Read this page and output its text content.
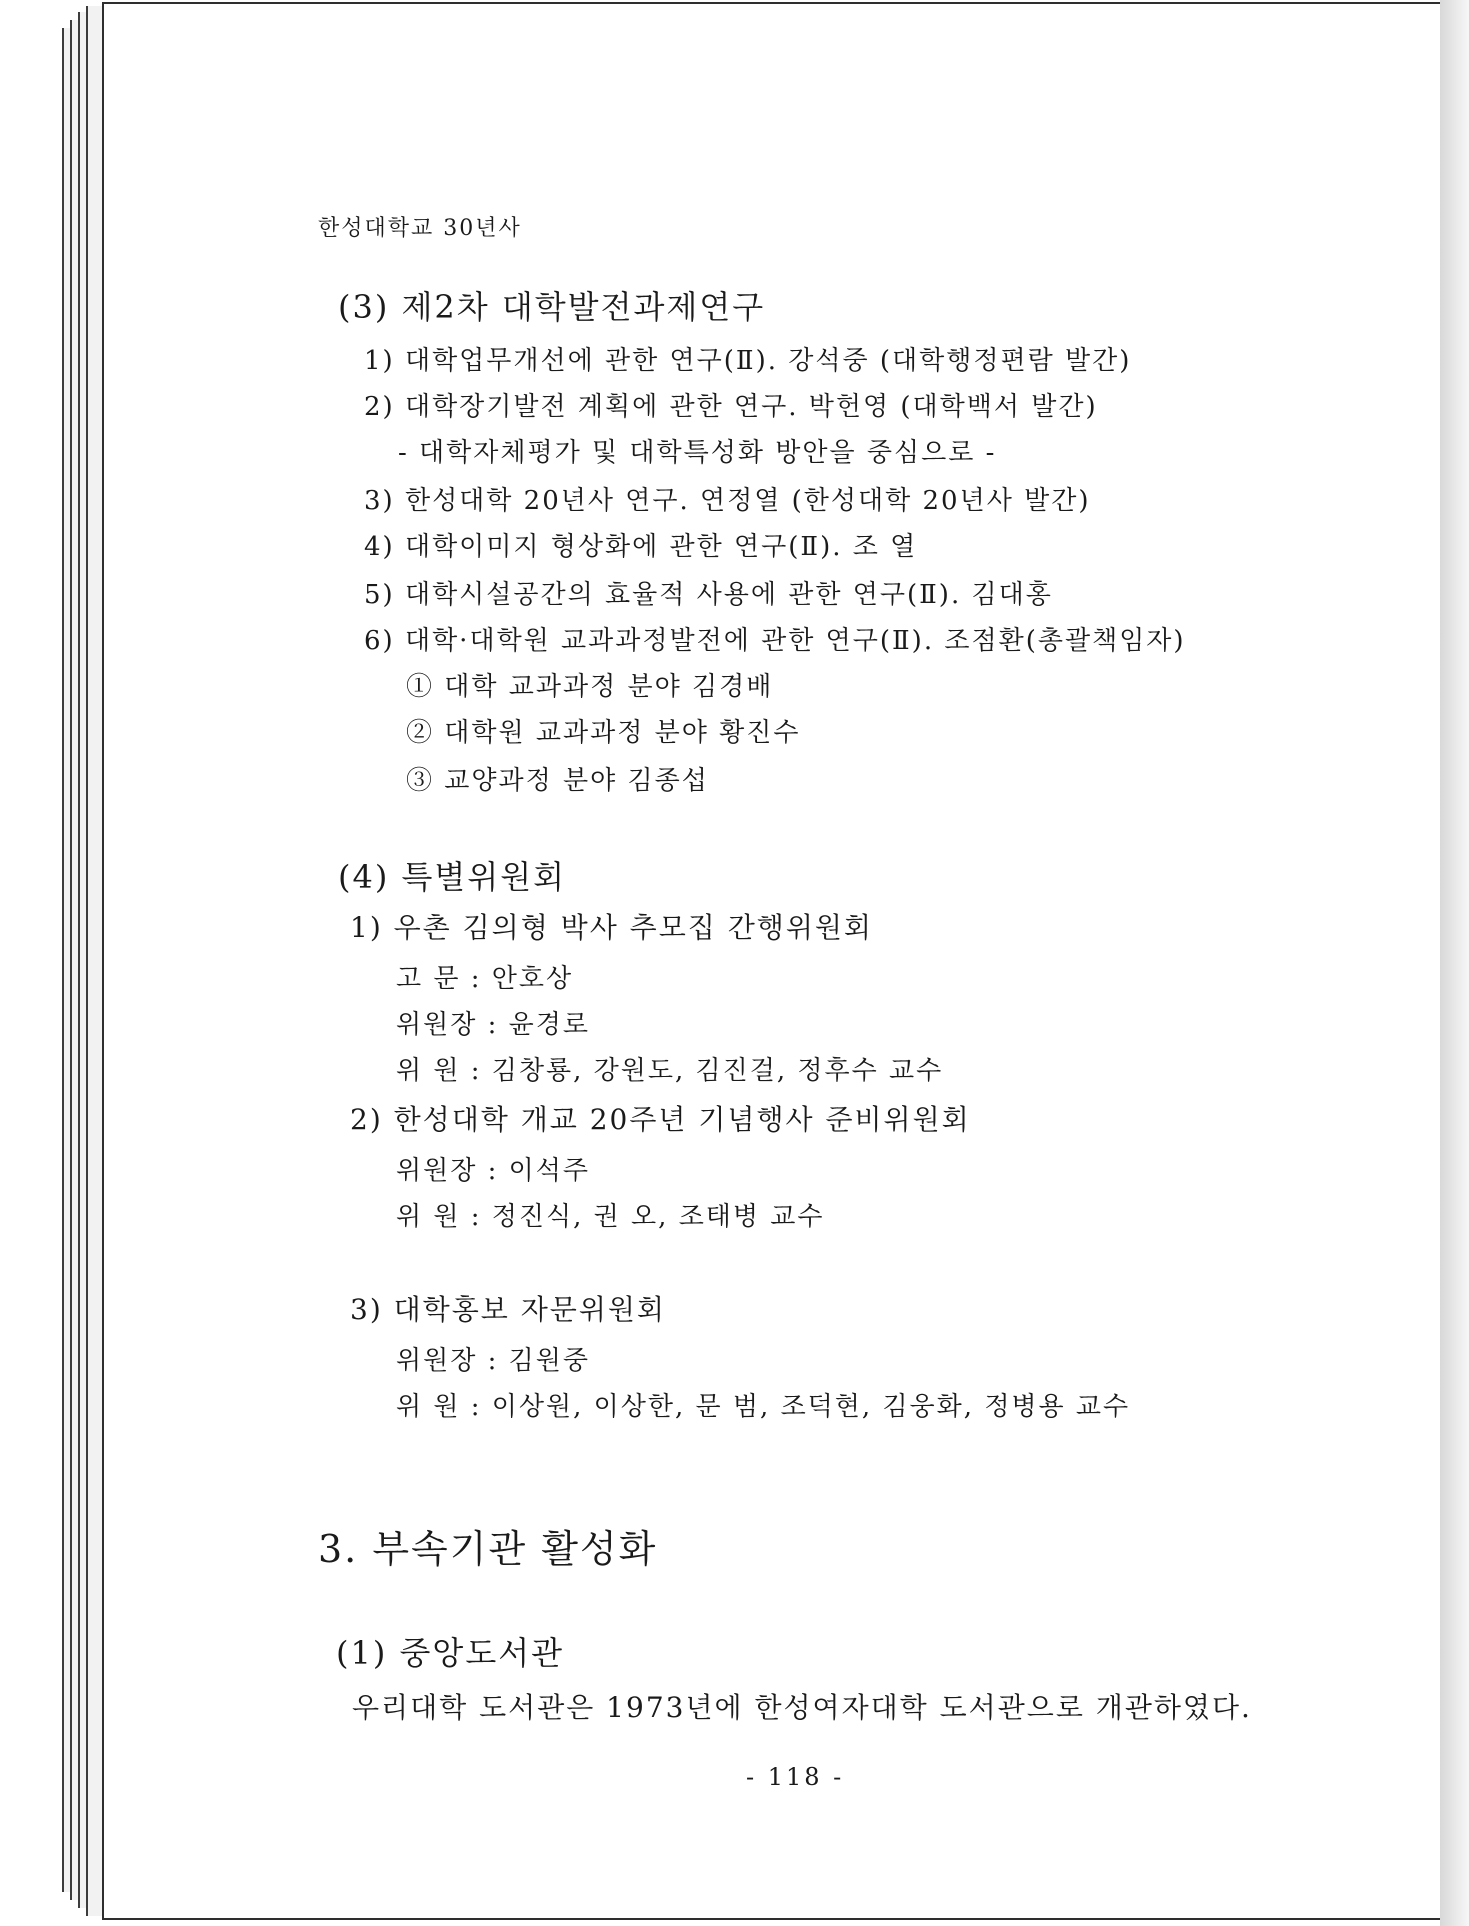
한성대학교 30년사
(3) 제2차 대학발전과제연구
1) 대학업무개선에 관한 연구(Ⅱ). 강석중 (대학행정편람 발간)
2) 대학장기발전 계획에 관한 연구. 박헌영 (대학백서 발간)
- 대학자체평가 및 대학특성화 방안을 중심으로 -
3) 한성대학 20년사 연구. 연정열 (한성대학 20년사 발간)
4) 대학이미지 형상화에 관한 연구(Ⅱ). 조 열
5) 대학시설공간의 효율적 사용에 관한 연구(Ⅱ). 김대홍
6) 대학·대학원 교과과정발전에 관한 연구(Ⅱ). 조점환(총괄책임자)
① 대학 교과과정 분야 김경배
② 대학원 교과과정 분야 황진수
③ 교양과정 분야 김종섭
(4) 특별위원회
1) 우촌 김의형 박사 추모집 간행위원회
고 문 : 안호상
위원장 : 윤경로
위 원 : 김창룡, 강원도, 김진걸, 정후수 교수
2) 한성대학 개교 20주년 기념행사 준비위원회
위원장 : 이석주
위 원 : 정진식, 권 오, 조태병 교수
3) 대학홍보 자문위원회
위원장 : 김원중
위 원 : 이상원, 이상한, 문 범, 조덕현, 김웅화, 정병용 교수
3. 부속기관 활성화
(1) 중앙도서관
우리대학 도서관은 1973년에 한성여자대학 도서관으로 개관하였다.
- 118 -
